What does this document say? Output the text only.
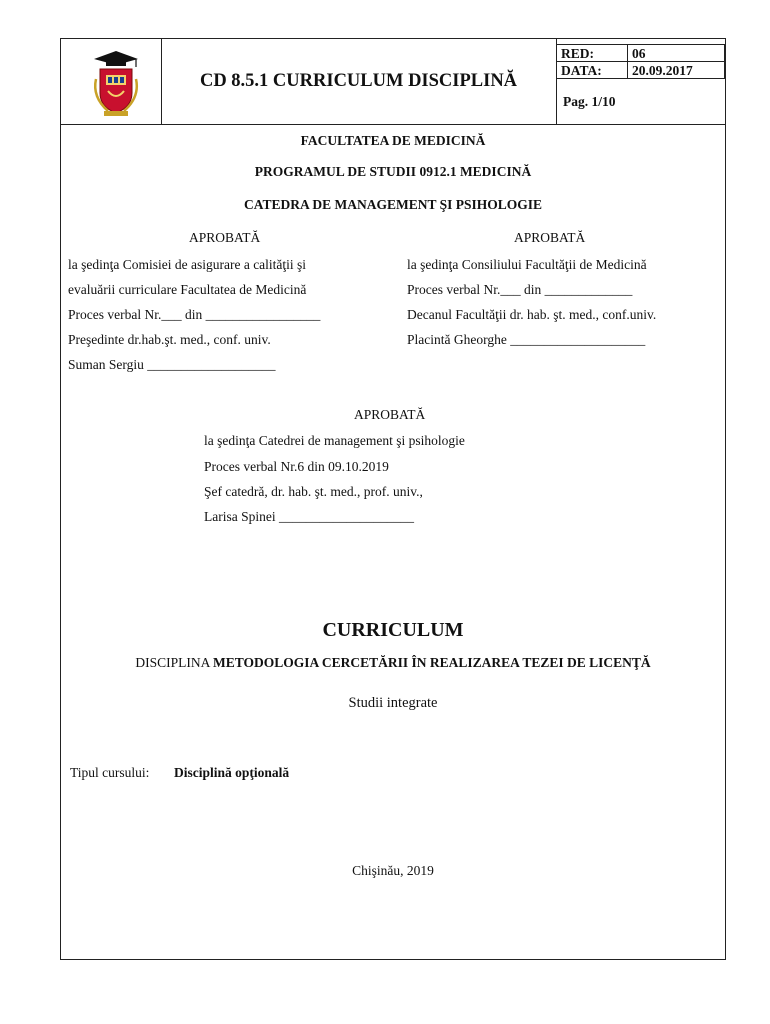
CD 8.5.1 CURRICULUM DISCIPLINĂ
RED:	06
DATA:	20.09.2017
Pag. 1/10
FACULTATEA DE MEDICINĂ
PROGRAMUL DE STUDII 0912.1 MEDICINĂ
CATEDRA DE MANAGEMENT ŞI PSIHOLOGIE
APROBATĂ
la şedinţa Comisiei de asigurare a calităţii şi
evaluării curriculare Facultatea de Medicină
Proces verbal Nr.___ din _________________
Preşedinte dr.hab.şt. med., conf. univ.
Suman Sergiu ___________________
APROBATĂ
la şedinţa Consiliului Facultăţii de Medicină
Proces verbal Nr.___ din _____________
Decanul Facultăţii dr. hab. şt. med., conf.univ.
Placintă Gheorghe ____________________
APROBATĂ
la şedinţa Catedrei de management şi psihologie
Proces verbal Nr.6 din 09.10.2019
Şef catedră, dr. hab. şt. med., prof. univ.,
Larisa Spinei ____________________
CURRICULUM
DISCIPLINA METODOLOGIA CERCETĂRII ÎN REALIZAREA TEZEI DE LICENŢĂ
Studii integrate
Tipul cursului: Disciplină opţională
Chişinău, 2019
